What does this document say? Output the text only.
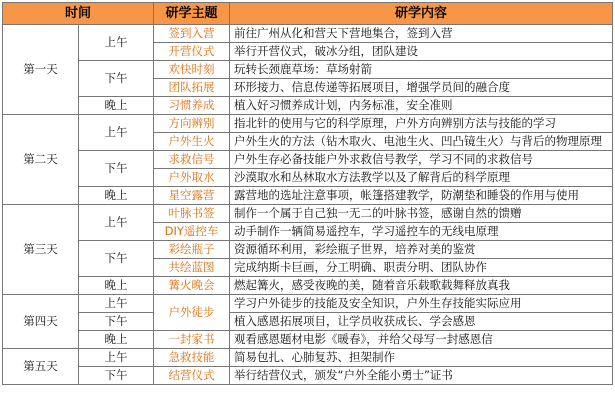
时间		研学主题	研学内容
第一天	上午	签到入营	前往广州从化和营天下营地集合，签到入营
		开营仪式	举行开营仪式，破冰分组，团队建设
	下午	欢快时刻	玩转长颈鹿草场：草场射箭
		团队拓展	环形接力、信息传递等拓展项目，增强学员间的融合度
	晚上	习惯养成	植入好习惯养成计划，内务标准，安全准则
第二天	上午	方向辨别	指北针的使用与它的科学原理，户外方向辨别方法与技能的学习
		户外生火	户外生火的方法（钻木取火、电池生火、凹凸镜生火）与背后的物理原理
	下午	求救信号	户外生存必备技能户外求救信号教学，学习不同的求救信号
		户外取水	沙漠取水和丛林取水方法教学以及了解背后的科学原理
	晚上	星空露营	露营地的选址注意事项，帐篷搭建教学，防潮垫和睡袋的作用与使用
第三天	上午	叶脉书签	制作一个属于自己独一无二的叶脉书签，感谢自然的馈赠
		DIY遥控车	动手制作一辆简易遥控车，学习遥控车的无线电原理
	下午	彩绘瓶子	资源循环利用，彩绘瓶子世界，培养对美的鉴赏
		共绘蓝图	完成纳斯卡巨画，分工明确、职责分明、团队协作
	晚上	篝火晚会	燃起篝火，感受夜晚的美，随着音乐载歌载舞释放真我
第四天	上午	户外徒步	学习户外徒步的技能及安全知识，户外生存技能实际应用
	下午		植入感恩拓展项目，让学员收获成长、学会感恩
	晚上	一封家书	观看感恩题材电影《暖春》，并给父母写一封感恩信
第五天	上午	急救技能	简易包扎、心肺复苏、担架制作
	下午	结营仪式	举行结营仪式，颁发“户外全能小勇士”证书
